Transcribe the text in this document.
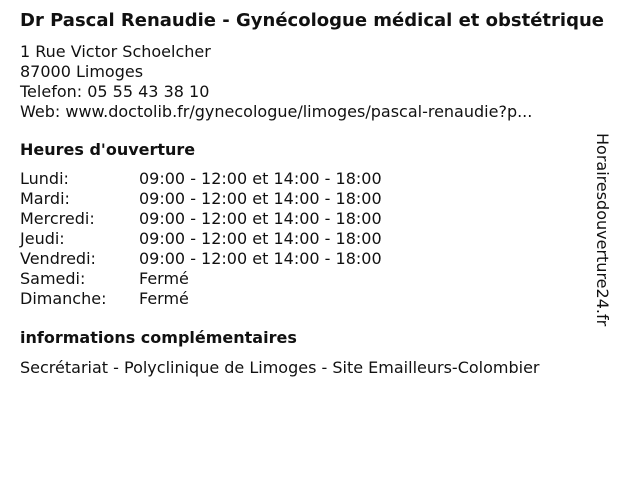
Dr Pascal Renaudie - Gynécologue médical et obstétrique
1 Rue Victor Schoelcher
87000 Limoges
Telefon: 05 55 43 38 10
Web: www.doctolib.fr/gynecologue/limoges/pascal-renaudie?p...
Heures d'ouverture
Lundi:	09:00 - 12:00 et 14:00 - 18:00
Mardi:	09:00 - 12:00 et 14:00 - 18:00
Mercredi:	09:00 - 12:00 et 14:00 - 18:00
Jeudi:	09:00 - 12:00 et 14:00 - 18:00
Vendredi:	09:00 - 12:00 et 14:00 - 18:00
Samedi:	Fermé
Dimanche:	Fermé
informations complémentaires
Secrétariat - Polyclinique de Limoges - Site Emailleurs-Colombier
Horairesdouverture24.fr
